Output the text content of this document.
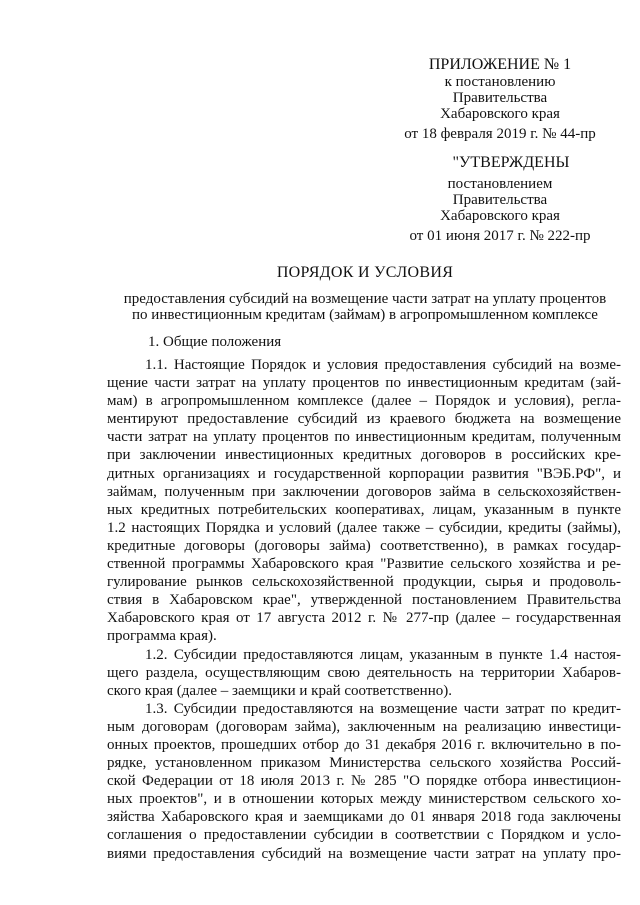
ПРИЛОЖЕНИЕ № 1
к постановлению
Правительства
Хабаровского края
от 18 февраля 2019 г. № 44-пр
"УТВЕРЖДЕНЫ
постановлением
Правительства
Хабаровского края
от 01 июня 2017 г. № 222-пр
ПОРЯДОК И УСЛОВИЯ
предоставления субсидий на возмещение части затрат на уплату процентов
по инвестиционным кредитам (займам) в агропромышленном комплексе
1. Общие положения
1.1. Настоящие Порядок и условия предоставления субсидий на возме-
щение части затрат на уплату процентов по инвестиционным кредитам (зай-
мам) в агропромышленном комплексе (далее – Порядок и условия), регла-
ментируют предоставление субсидий из краевого бюджета на возмещение
части затрат на уплату процентов по инвестиционным кредитам, полученным
при заключении инвестиционных кредитных договоров в российских кре-
дитных организациях и государственной корпорации развития "ВЭБ.РФ", и
займам, полученным при заключении договоров займа в сельскохозяйствен-
ных кредитных потребительских кооперативах, лицам, указанным в пункте
1.2 настоящих Порядка и условий (далее также – субсидии, кредиты (займы),
кредитные договоры (договоры займа) соответственно), в рамках государ-
ственной программы Хабаровского края "Развитие сельского хозяйства и ре-
гулирование рынков сельскохозяйственной продукции, сырья и продоволь-
ствия в Хабаровском крае", утвержденной постановлением Правительства
Хабаровского края от 17 августа 2012 г. № 277-пр (далее – государственная
программа края).
1.2. Субсидии предоставляются лицам, указанным в пункте 1.4 настоя-
щего раздела, осуществляющим свою деятельность на территории Хабаров-
ского края (далее – заемщики и край соответственно).
1.3. Субсидии предоставляются на возмещение части затрат по кредит-
ным договорам (договорам займа), заключенным на реализацию инвестици-
онных проектов, прошедших отбор до 31 декабря 2016 г. включительно в по-
рядке, установленном приказом Министерства сельского хозяйства Россий-
ской Федерации от 18 июля 2013 г. № 285 "О порядке отбора инвестицион-
ных проектов", и в отношении которых между министерством сельского хо-
зяйства Хабаровского края и заемщиками до 01 января 2018 года заключены
соглашения о предоставлении субсидии в соответствии с Порядком и усло-
виями предоставления субсидий на возмещение части затрат на уплату про-
